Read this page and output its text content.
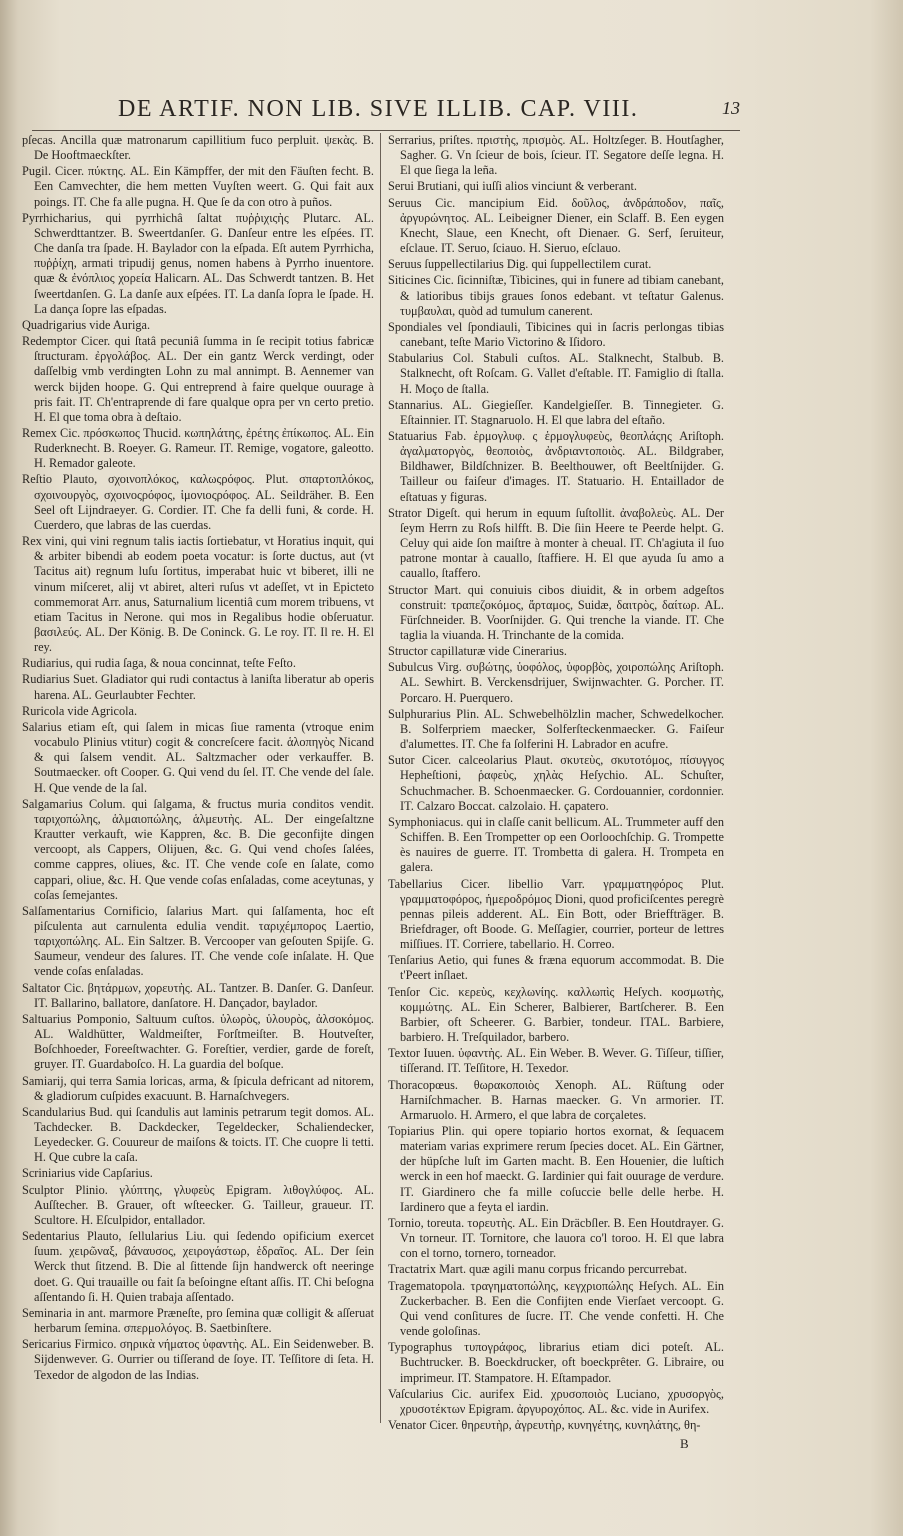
DE ARTIF. NON LIB. SIVE ILLIB. CAP. VIII.	13

pſecas. Ancilla quæ matronarum capillitium fuco perpluit. ψεκὰς. B. De Hooftmaeckſter.

Pugil. Cicer. πύκτης. AL. Ein Kämpffer, der mit den Fäuſten fecht. B. Een Camvechter, die hem metten Vuyſten weert. G. Qui fait aux poings. IT. Che fa alle pugna. H. Que ſe da con otro à puños.

Pyrrhicharius, qui pyrrhichâ ſaltat πυῤῥιχιςὴς Plutarc. AL. Schwerdttantzer. B. Sweertdanſer. G. Danſeur entre les eſpées. IT. Che danſa tra ſpade. H. Baylador con la eſpada. Eſt autem Pyrrhicha, πυῤῥίχη, armati tripudij genus, nomen habens à Pyrrho inuentore. quæ & ἐνόπλιος χορεία Halicarn. AL. Das Schwerdt tantzen. B. Het ſweertdanſen. G. La danſe aux eſpées. IT. La danſa ſopra le ſpade. H. La dança ſopre las eſpadas.

Quadrigarius vide Auriga.

Redemptor Cicer. qui ſtatâ pecuniâ ſumma in ſe recipit totius fabricæ ſtructuram. ἐργολάβος. AL. Der ein gantz Werck verdingt, oder daſſelbig vmb verdingten Lohn zu mal annimpt. B. Aennemer van werck bijden hoope. G. Qui entreprend à faire quelque ouurage à pris fait. IT. Ch'entraprende di fare qualque opra per vn certo pretio. H. El que toma obra à deſtaio.

Remex Cic. πρόσκωπος Thucid. κωπηλάτης, ἐρέτης ἐπίκωπος. AL. Ein Ruderknecht. B. Roeyer. G. Rameur. IT. Remige, vogatore, galeotto. H. Remador galeote.

Reſtio Plauto, σχοινοπλόκος, καλωςρόφος. Plut. σπαρτοπλόκος, σχοινουργὸς, σχοινοςρόφος, ἱμονιοςρόφος. AL. Seildräher. B. Een Seel oft Lijndraeyer. G. Cordier. IT. Che fa delli funi, & corde. H. Cuerdero, que labras de las cuerdas.

Rex vini, qui vini regnum talis iactis ſortiebatur, vt Horatius inquit, qui & arbiter bibendi ab eodem poeta vocatur: is ſorte ductus, aut (vt Tacitus ait) regnum luſu ſortitus, imperabat huic vt biberet, illi ne vinum miſceret, alij vt abiret, alteri ruſus vt adeſſet, vt in Epicteto commemorat Arr. anus, Saturnalium licentiâ cum morem tribuens, vt etiam Tacitus in Nerone. qui mos in Regalibus hodie obſeruatur. βασιλεύς. AL. Der König. B. De Coninck. G. Le roy. IT. Il re. H. El rey.

Rudiarius, qui rudia ſaga, & noua concinnat, teſte Feſto.

Rudiarius Suet. Gladiator qui rudi contactus à laniſta liberatur ab operis harena. AL. Geurlaubter Fechter.

Ruricola vide Agricola.

Salarius etiam eſt, qui ſalem in micas ſiue ramenta (vtroque enim vocabulo Plinius vtitur) cogit & concreſcere facit. ἁλοπηγὸς Nicand & qui ſalsem vendit. AL. Saltzmacher oder verkauffer. B. Soutmaecker. oft Cooper. G. Qui vend du ſel. IT. Che vende del ſale. H. Que vende de la ſal.

Salgamarius Colum. qui ſalgama, & fructus muria conditos vendit. ταριχοπώλης, ἁλμαιοπώλης, ἁλμευτὴς. AL. Der eingeſaltzne Krautter verkauft, wie Kappren, &c. B. Die geconfijte dingen vercoopt, als Cappers, Olijuen, &c. G. Qui vend choſes ſalées, comme cappres, oliues, &c. IT. Che vende coſe en ſalate, como cappari, oliue, &c. H. Que vende coſas enſaladas, come aceytunas, y coſas ſemejantes.

Salſamentarius Cornificio, ſalarius Mart. qui ſalſamenta, hoc eſt piſculenta aut carnulenta edulia vendit. ταριχέμπορος Laertio, ταριχοπώλης. AL. Ein Saltzer. B. Vercooper van geſouten Spijſe. G. Saumeur, vendeur des ſalures. IT. Che vende coſe inſalate. H. Que vende coſas enſaladas.

Saltator Cic. βητάρμων, χορευτὴς. AL. Tantzer. B. Danſer. G. Danſeur. IT. Ballarino, ballatore, danſatore. H. Dançador, baylador.

Saltuarius Pomponio, Saltuum cuſtos. ὑλωρὸς, ὑλουρὸς, ἀλσοκόμος. AL. Waldhütter, Waldmeiſter, Forſtmeiſter. B. Houtveſter, Boſchhoeder, Foreeſtwachter. G. Foreſtier, verdier, garde de foreſt, gruyer. IT. Guardaboſco. H. La guardia del boſque.

Samiarij, qui terra Samia loricas, arma, & ſpicula defricant ad nitorem, & gladiorum cuſpides exacuunt. B. Harnaſchvegers.

Scandularius Bud. qui ſcandulis aut laminis petrarum tegit domos. AL. Tachdecker. B. Dackdecker, Tegeldecker, Schaliendecker, Leyedecker. G. Couureur de maiſons & toicts. IT. Che cuopre li tetti. H. Que cubre la caſa.

Scriniarius vide Capſarius.

Sculptor Plinio. γλύπτης, γλυφεὺς Epigram. λιθογλύφος. AL. Auſſtecher. B. Grauer, oft wſteecker. G. Tailleur, graueur. IT. Scultore. H. Eſculpidor, entallador.

Sedentarius Plauto, ſellularius Liu. qui ſedendo opificium exercet ſuum. χειρῶναξ, βάναυσος, χειρογάστωρ, ἑδραῖος. AL. Der ſein Werck thut ſitzend. B. Die al ſittende ſijn handwerck oft neeringe doet. G. Qui trauaille ou fait ſa beſoingne eſtant aſſis. IT. Chi beſogna aſſentando ſi. H. Quien trabaja aſſentado.

Seminaria in ant. marmore Præneſte, pro ſemina quæ colligit & aſſeruat herbarum ſemina. σπερμολόγος. B. Saetbinſtere.

Sericarius Firmico. σηρικὰ νήματος ὑφαντὴς. AL. Ein Seidenweber. B. Sijdenwever. G. Ourrier ou tiſſerand de ſoye. IT. Teſſitore di ſeta. H. Texedor de algodon de las Indias.

Serrarius, priſtes. πριστὴς, πρισμὸς. AL. Holtzſeger. B. Houtſagher, Sagher. G. Vn ſcieur de bois, ſcieur. IT. Segatore deſſe legna. H. El que ſiega la leña.

Serui Brutiani, qui iuſſi alios vinciunt & verberant.

Seruus Cic. mancipium Eid. δοῦλος, ἀνδράποδον, παῖς, ἀργυρώνητος. AL. Leibeigner Diener, ein Sclaff. B. Een eygen Knecht, Slaue, een Knecht, oft Dienaer. G. Serf, ſeruiteur, eſclaue. IT. Seruo, ſciauo. H. Sieruo, eſclauo.

Seruus ſuppellectilarius Dig. qui ſuppellectilem curat.

Siticines Cic. ſicinniſtæ, Tibicines, qui in funere ad tibiam canebant, & latioribus tibijs graues ſonos edebant. vt teſtatur Galenus. τυμβαυλαι, quòd ad tumulum canerent.

Spondiales vel ſpondiauli, Tibicines qui in ſacris perlongas tibias canebant, teſte Mario Victorino & Iſidoro.

Stabularius Col. Stabuli cuſtos. AL. Stalknecht, Stalbub. B. Stalknecht, oft Roſcam. G. Vallet d'eſtable. IT. Famiglio di ſtalla. H. Moço de ſtalla.

Stannarius. AL. Giegieſſer. Kandelgieſſer. B. Tinnegieter. G. Eſtainnier. IT. Stagnaruolo. H. El que labra del eſtaño.

Statuarius Fab. ἑρμογλυφ. ς ἑρμογλυφεὺς, θεοπλάςης Ariſtoph. ἀγαλματοργὸς, θεοποιὸς, ἀνδριαντοποιὸς. AL. Bildgraber, Bildhawer, Bildſchnizer. B. Beelthouwer, oft Beeltſnijder. G. Tailleur ou faiſeur d'images. IT. Statuario. H. Entaillador de eſtatuas y figuras.

Strator Digeſt. qui herum in equum ſuſtollit. ἀναβολεὺς. AL. Der ſeym Herrn zu Roſs hilfft. B. Die ſiin Heere te Peerde helpt. G. Celuy qui aide ſon maiſtre à monter à cheual. IT. Ch'agiuta il ſuo patrone montar à cauallo, ſtaffiere. H. El que ayuda ſu amo a cauallo, ſtaffero.

Structor Mart. qui conuiuis cibos diuidit, & in orbem adgeſtos construit: τραπεζοκόμος, ἄρταμος, Suidæ, δαιτρὸς, δαίτωρ. AL. Fürſchneider. B. Voorſnijder. G. Qui trenche la viande. IT. Che taglia la viuanda. H. Trinchante de la comida.

Structor capillaturæ vide Cinerarius.

Subulcus Virg. συβώτης, ὑοφόλος, ὑφορβὸς, χοιροπώλης Ariſtoph. AL. Sewhirt. B. Verckensdrijuer, Swijnwachter. G. Porcher. IT. Porcaro. H. Puerquero.

Sulphurarius Plin. AL. Schwebelhölzlin macher, Schwedelkocher. B. Solferpriem maecker, Solferſteckenmaecker. G. Faiſeur d'alumettes. IT. Che fa ſolferini H. Labrador en acufre.

Sutor Cicer. calceolarius Plaut. σκυτεὺς, σκυτοτόμος, πίσυγγος Hepheſtioni, ῥαφεὺς, χηλὰς Heſychio. AL. Schuſter, Schuchmacher. B. Schoenmaecker. G. Cordouannier, cordonnier. IT. Calzaro Boccat. calzolaio. H. çapatero.

Symphoniacus. qui in claſſe canit bellicum. AL. Trummeter auff den Schiffen. B. Een Trompetter op een Oorloochſchip. G. Trompette ès nauires de guerre. IT. Trombetta di galera. H. Trompeta en galera.

Tabellarius Cicer. libellio Varr. γραμματηφόρος Plut. γραμματοφόρος, ἡμεροδρόμος Dioni, quod proficiſcentes peregrè pennas pileis adderent. AL. Ein Bott, oder Brieffträger. B. Briefdrager, oft Boode. G. Meſſagier, courrier, porteur de lettres miſſiues. IT. Corriere, tabellario. H. Correo.

Tenſarius Aetio, qui funes & fræna equorum accommodat. B. Die t'Peert inſlaet.

Tenſor Cic. κερεὺς, κεχλωνίης. καλλωπὶς Heſych. κοσμωτὴς, κομμώτης. AL. Ein Scherer, Balbierer, Bartſcherer. B. Een Barbier, oft Scheerer. G. Barbier, tondeur. ITAL. Barbiere, barbiero. H. Treſquilador, barbero.

Textor Iuuen. ὑφαντὴς. AL. Ein Weber. B. Wever. G. Tiſſeur, tiſſier, tiſſerand. IT. Teſſitore, H. Texedor.

Thoracopœus. θωρακοποιὸς Xenoph. AL. Rüſtung oder Harniſchmacher. B. Harnas maecker. G. Vn armorier. IT. Armaruolo. H. Armero, el que labra de corçaletes.

Topiarius Plin. qui opere topiario hortos exornat, & ſequacem materiam varias exprimere rerum ſpecies docet. AL. Ein Gärtner, der hüpſche luſt im Garten macht. B. Een Houenier, die luſtich werck in een hof maeckt. G. Iardinier qui fait ouurage de verdure. IT. Giardinero che fa mille coſuccie belle delle herbe. H. Iardinero que a feyta el iardin.

Tornio, toreuta. τορευτὴς. AL. Ein Dräcbſler. B. Een Houtdrayer. G. Vn torneur. IT. Tornitore, che lauora co'l toroo. H. El que labra con el torno, tornero, torneador.

Tractatrix Mart. quæ agili manu corpus fricando percurrebat.

Tragematopola. τραγηματοπώλης, κεγχριοπώλης Heſych. AL. Ein Zuckerbacher. B. Een die Confijten ende Vierſaet vercoopt. G. Qui vend conſitures de ſucre. IT. Che vende confetti. H. Che vende goloſinas.

Typographus τυπογράφος, librarius etiam dici poteſt. AL. Buchtrucker. B. Boeckdrucker, oft boeckprêter. G. Libraire, ou imprimeur. IT. Stampatore. H. Eſtampador.

Vaſcularius Cic. aurifex Eid. χρυσοποιὸς Luciano, χρυσοργὸς, χρυσοτέκτων Epigram. ἀργυροχόπος. AL. &c. vide in Aurifex.

Venator Cicer. θηρευτὴρ, ἀγρευτὴρ, κυνηγέτης, κυνηλάτης, θη-

B
